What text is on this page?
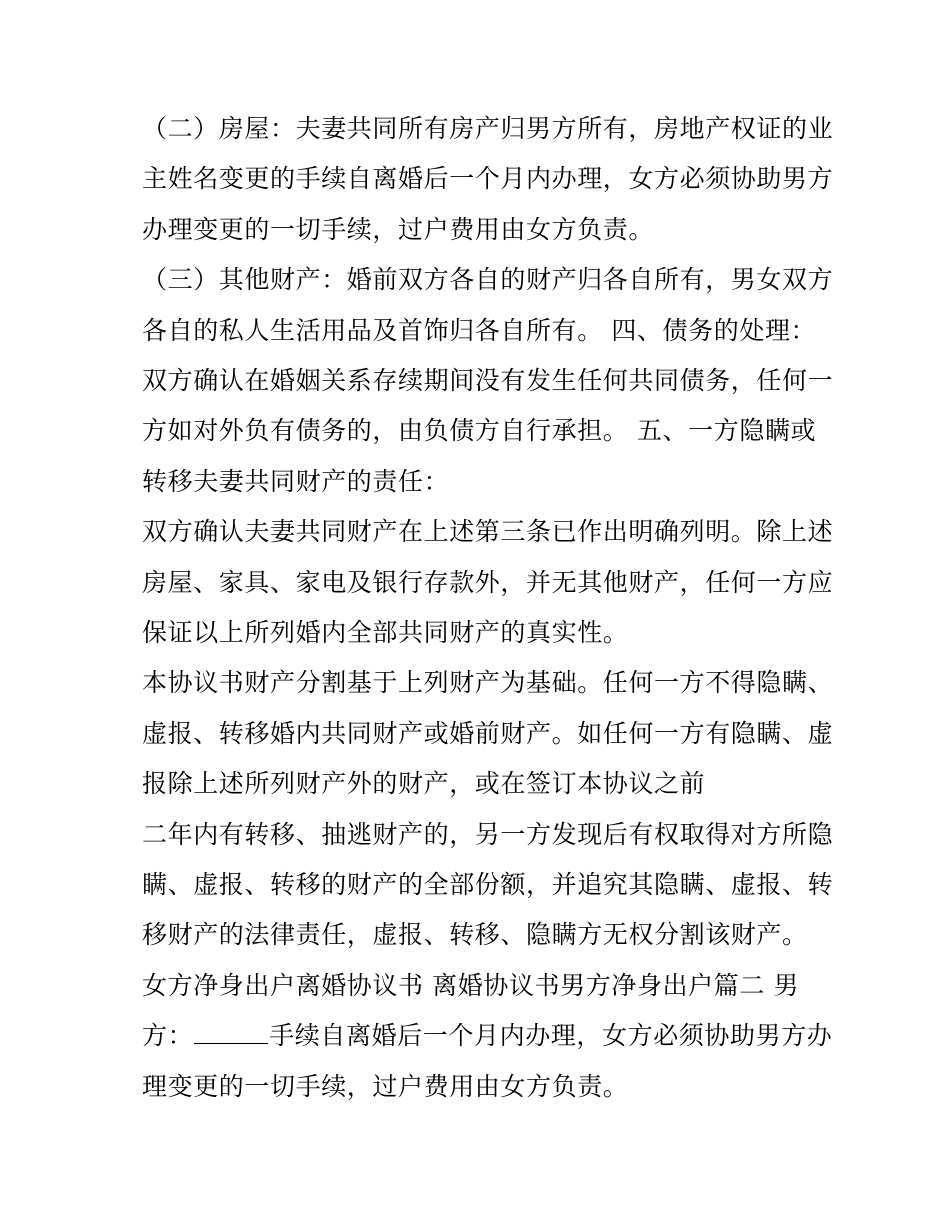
（二）房屋：夫妻共同所有房产归男方所有，房地产权证的业
主姓名变更的手续自离婚后一个月内办理，女方必须协助男方
办理变更的一切手续，过户费用由女方负责。
（三）其他财产：婚前双方各自的财产归各自所有，男女双方
各自的私人生活用品及首饰归各自所有。 四、债务的处理：
双方确认在婚姻关系存续期间没有发生任何共同债务，任何一
方如对外负有债务的，由负债方自行承担。 五、一方隐瞒或
转移夫妻共同财产的责任：
双方确认夫妻共同财产在上述第三条已作出明确列明。除上述
房屋、家具、家电及银行存款外，并无其他财产，任何一方应
保证以上所列婚内全部共同财产的真实性。
本协议书财产分割基于上列财产为基础。任何一方不得隐瞒、
虚报、转移婚内共同财产或婚前财产。如任何一方有隐瞒、虚
报除上述所列财产外的财产，或在签订本协议之前
二年内有转移、抽逃财产的，另一方发现后有权取得对方所隐
瞒、虚报、转移的财产的全部份额，并追究其隐瞒、虚报、转
移财产的法律责任，虚报、转移、隐瞒方无权分割该财产。
女方净身出户离婚协议书 离婚协议书男方净身出户篇二 男
方：	手续自离婚后一个月内办理，女方必须协助男方办
理变更的一切手续，过户费用由女方负责。
